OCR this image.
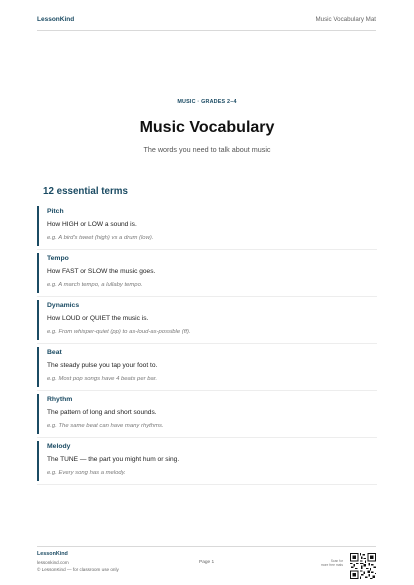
LessonKind	Music Vocabulary Mat
MUSIC · GRADES 2–4
Music Vocabulary
The words you need to talk about music
12 essential terms
Pitch
How HIGH or LOW a sound is.
e.g. A bird's tweet (high) vs a drum (low).
Tempo
How FAST or SLOW the music goes.
e.g. A march tempo, a lullaby tempo.
Dynamics
How LOUD or QUIET the music is.
e.g. From whisper-quiet (pp) to as-loud-as-possible (ff).
Beat
The steady pulse you tap your foot to.
e.g. Most pop songs have 4 beats per bar.
Rhythm
The pattern of long and short sounds.
e.g. The same beat can have many rhythms.
Melody
The TUNE — the part you might hum or sing.
e.g. Every song has a melody.
LessonKind
lessonkind.com
© LessonKind — for classroom use only
Page 1	Scan for
more free mats
